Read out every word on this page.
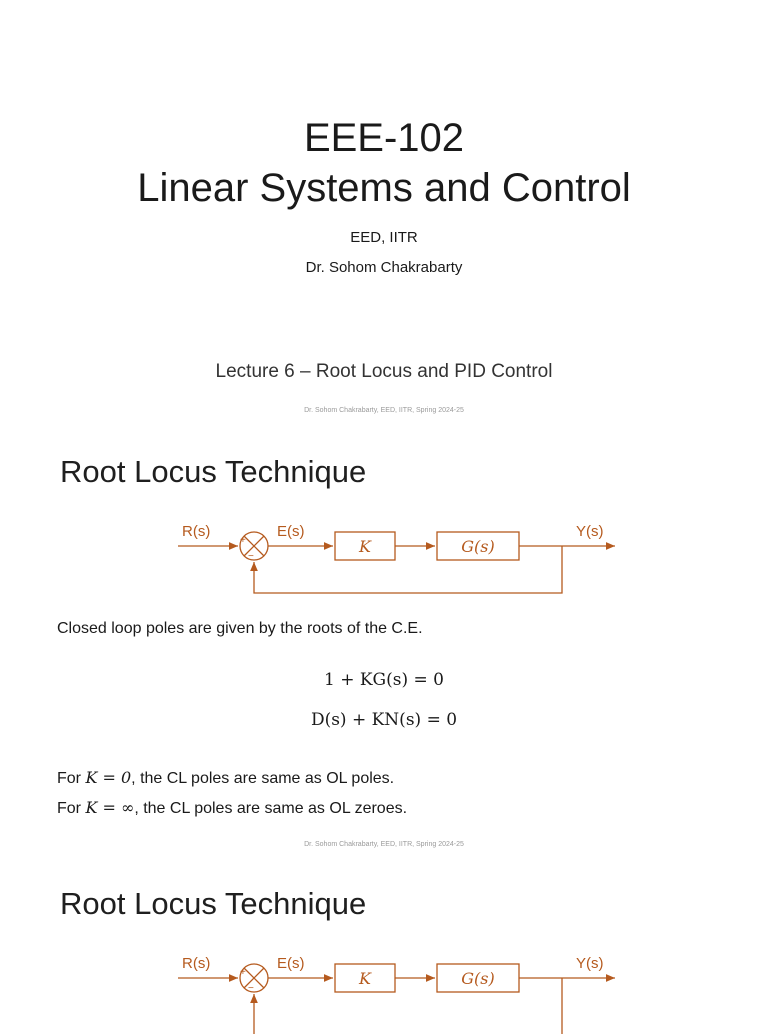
EEE-102
Linear Systems and Control
EED, IITR
Dr. Sohom Chakrabarty
Lecture 6 – Root Locus and PID Control
Dr. Sohom Chakrabarty, EED, IITR, Spring 2024-25
Root Locus Technique
R(s)	E(s)	Y(s)
+
−
K	G(s)
Closed loop poles are given by the roots of the C.E.
1 + KG(s) = 0
D(s) + KN(s) = 0
For K = 0, the CL poles are same as OL poles.
For K = ∞, the CL poles are same as OL zeroes.
Dr. Sohom Chakrabarty, EED, IITR, Spring 2024-25
Root Locus Technique
R(s)	E(s)	Y(s)
+
−
K	G(s)
